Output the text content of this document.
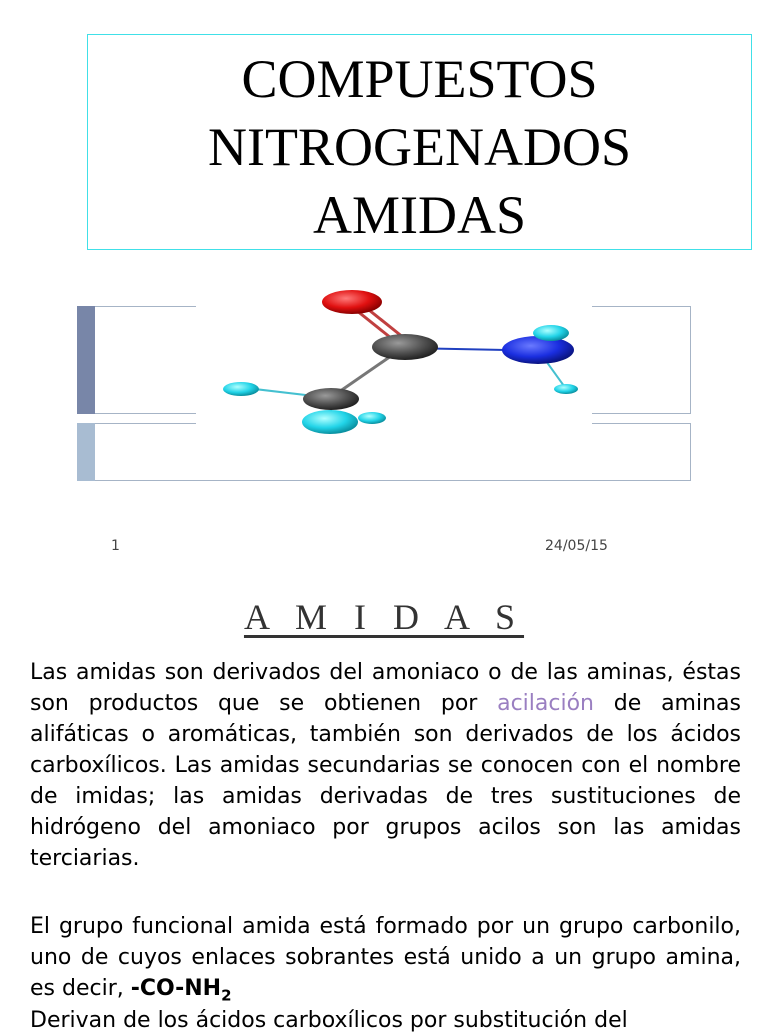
COMPUESTOS
NITROGENADOS
AMIDAS
1	24/05/15
A M I D A S
Las amidas son derivados del amoniaco o de las aminas, éstas son productos que se obtienen por acilación de aminas alifáticas o aromáticas, también son derivados de los ácidos carboxílicos. Las amidas secundarias se conocen con el nombre de imidas; las amidas derivadas de tres sustituciones de hidrógeno del amoniaco por grupos acilos son las amidas terciarias.
El grupo funcional amida está formado por un grupo carbonilo, uno de cuyos enlaces sobrantes está unido a un grupo amina, es decir, $-CO-NH_2$
Derivan de los ácidos carboxílicos por substitución del
